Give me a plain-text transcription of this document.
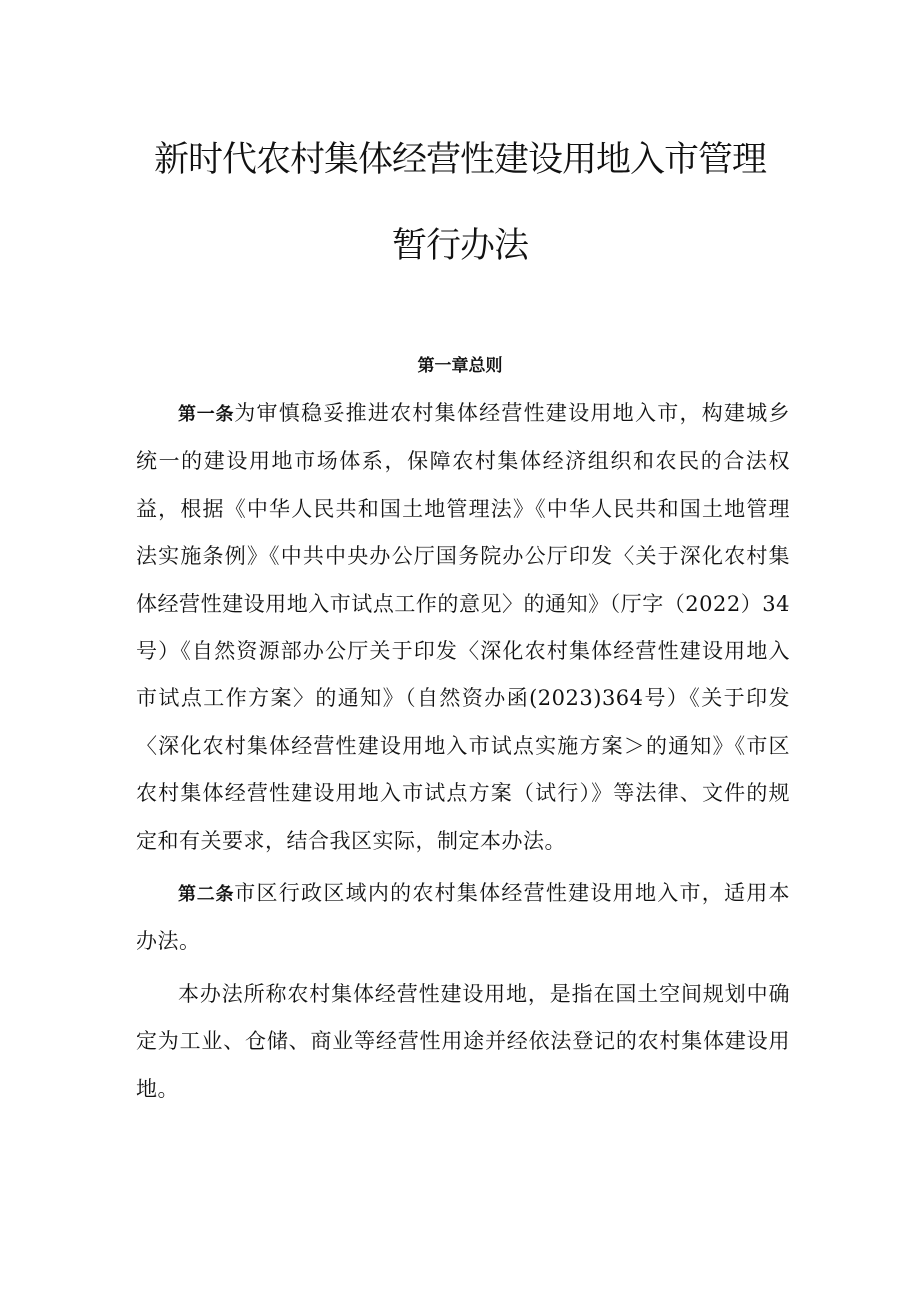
新时代农村集体经营性建设用地入市管理
暂行办法
第一章总则

第一条为审慎稳妥推进农村集体经营性建设用地入市，构建城乡统一的建设用地市场体系，保障农村集体经济组织和农民的合法权益，根据《中华人民共和国土地管理法》《中华人民共和国土地管理法实施条例》《中共中央办公厅国务院办公厅印发〈关于深化农村集体经营性建设用地入市试点工作的意见〉的通知》（厅字（2022）34号）《自然资源部办公厅关于印发〈深化农村集体经营性建设用地入市试点工作方案〉的通知》（自然资办函(2023)364号）《关于印发〈深化农村集体经营性建设用地入市试点实施方案＞的通知》《市区农村集体经营性建设用地入市试点方案（试行）》等法律、文件的规定和有关要求，结合我区实际，制定本办法。

第二条市区行政区域内的农村集体经营性建设用地入市，适用本办法。

本办法所称农村集体经营性建设用地，是指在国土空间规划中确定为工业、仓储、商业等经营性用途并经依法登记的农村集体建设用地。
